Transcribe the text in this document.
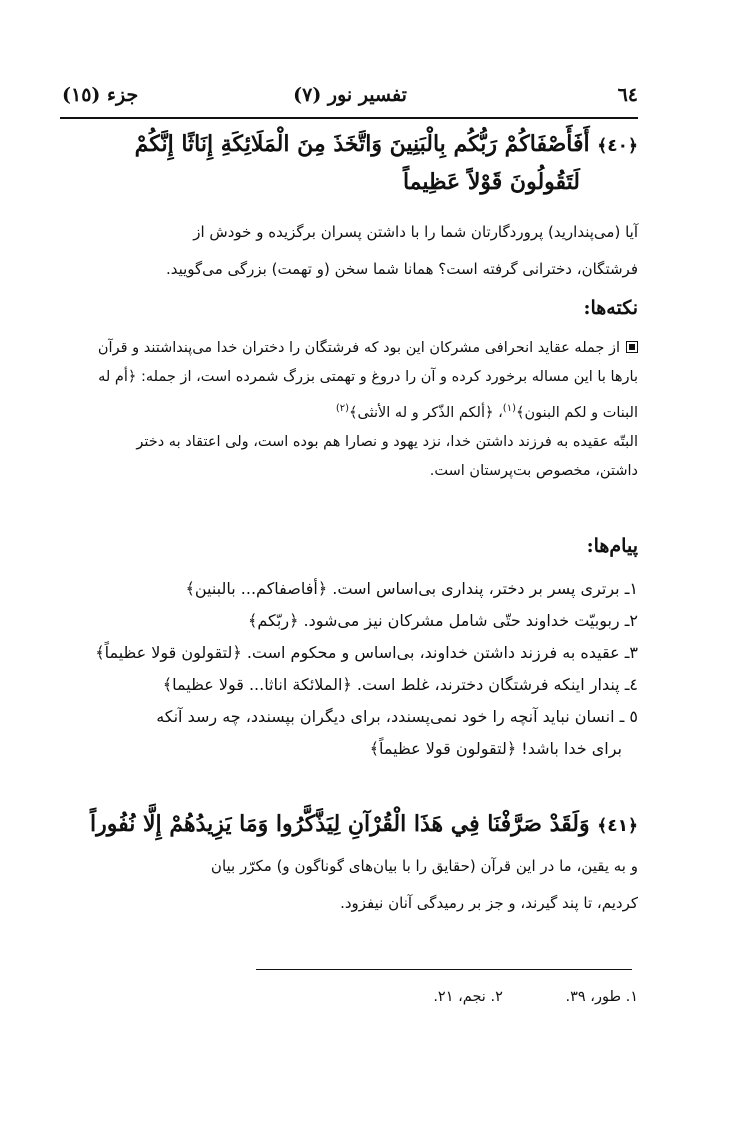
٦٤
تفسیر نور (٧)
جزء (١٥)
﴿٤٠﴾ أَفَأَصْفَاكُمْ رَبُّكُم بِالْبَنِينَ وَاتَّخَذَ مِنَ الْمَلَائِكَةِ إِنَاثًا إِنَّكُمْ
لَتَقُولُونَ قَوْلاً عَظِيماً
آیا (می‌پندارید) پروردگارتان شما را با داشتن پسران برگزیده و خودش از
فرشتگان، دخترانی گرفته است؟ همانا شما سخن (و تهمت) بزرگی می‌گویید.
نکته‌ها:
از جمله عقاید انحرافی مشرکان این بود که فرشتگان را دختران خدا می‌پنداشتند و قرآن
بارها با این مساله برخورد کرده و آن را دروغ و تهمتی بزرگ شمرده است، از جمله: ﴿أم له
البنات و لکم البنون﴾$^{(١)}$، ﴿ألکم الذّکر و له الأنثی﴾$^{(٢)}$
البتّه عقیده به فرزند داشتن خدا، نزد یهود و نصارا هم بوده است، ولی اعتقاد به دختر
داشتن، مخصوص بت‌پرستان است.
پیام‌ها:
١ـ برتری پسر بر دختر، پنداری بی‌اساس است. ﴿أفاصفاکم... بالبنین﴾
٢ـ ربوبیّت خداوند حتّی شامل مشرکان نیز می‌شود. ﴿ربّکم﴾
٣ـ عقیده به فرزند داشتن خداوند، بی‌اساس و محکوم است. ﴿لتقولون قولا عظیماً﴾
٤ـ پندار اینکه فرشتگان دخترند، غلط است. ﴿الملائکة اناثا... قولا عظیما﴾
٥ ـ انسان نباید آنچه را خود نمی‌پسندد، برای دیگران بپسندد، چه رسد آنکه
برای خدا باشد! ﴿لتقولون قولا عظیماً﴾
﴿٤١﴾ وَلَقَدْ صَرَّفْنَا فِي هَذَا الْقُرْآنِ لِيَذَّكَّرُوا وَمَا يَزِيدُهُمْ إِلَّا نُفُوراً
و به یقین، ما در این قرآن (حقایق را با بیان‌های گوناگون و) مکرّر بیان
کردیم، تا پند گیرند، و جز بر رمیدگی آنان نیفزود.
١. طور، ٣٩. ٢. نجم، ٢١.
